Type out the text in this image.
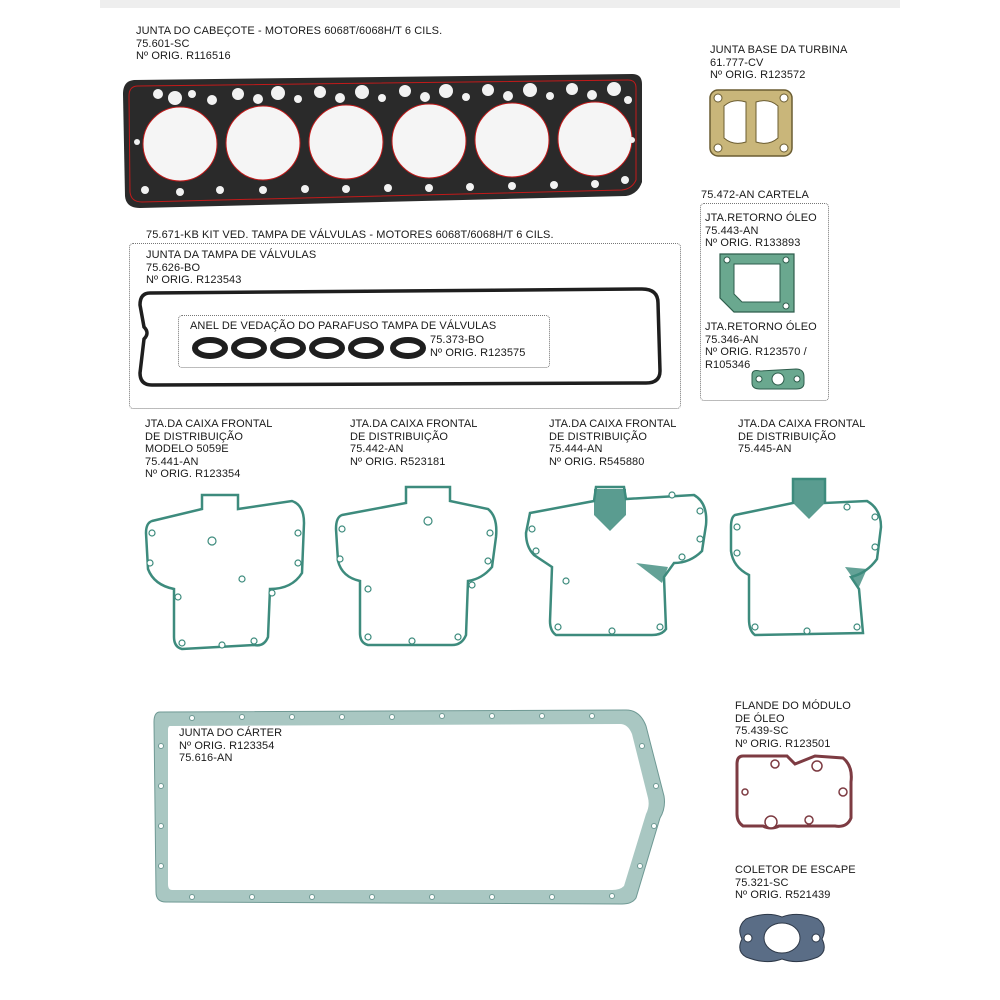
JUNTA DO CABEÇOTE - MOTORES 6068T/6068H/T 6 CILS.
75.601-SC
Nº ORIG. R116516	JUNTA BASE DA TURBINA
61.777-CV
Nº ORIG. R123572
75.472-AN CARTELA
JTA.RETORNO ÓLEO
75.443-AN
Nº ORIG. R133893
JTA.RETORNO ÓLEO
75.346-AN
Nº ORIG. R123570 /
R105346
75.671-KB KIT VED. TAMPA DE VÁLVULAS - MOTORES 6068T/6068H/T 6 CILS.
JUNTA DA TAMPA DE VÁLVULAS
75.626-BO
Nº ORIG. R123543
ANEL DE VEDAÇÃO DO PARAFUSO TAMPA DE VÁLVULAS
75.373-BO
Nº ORIG. R123575
JTA.DA CAIXA FRONTAL
DE DISTRIBUIÇÃO
MODELO 5059E
75.441-AN
Nº ORIG. R123354
JTA.DA CAIXA FRONTAL
DE DISTRIBUIÇÃO
75.442-AN
Nº ORIG. R523181
JTA.DA CAIXA FRONTAL
DE DISTRIBUIÇÃO
75.444-AN
Nº ORIG. R545880
JTA.DA CAIXA FRONTAL
DE DISTRIBUIÇÃO
75.445-AN
JUNTA DO CÁRTER
Nº ORIG. R123354
75.616-AN
FLANDE DO MÓDULO
DE ÓLEO
75.439-SC
Nº ORIG. R123501
COLETOR DE ESCAPE
75.321-SC
Nº ORIG. R521439
